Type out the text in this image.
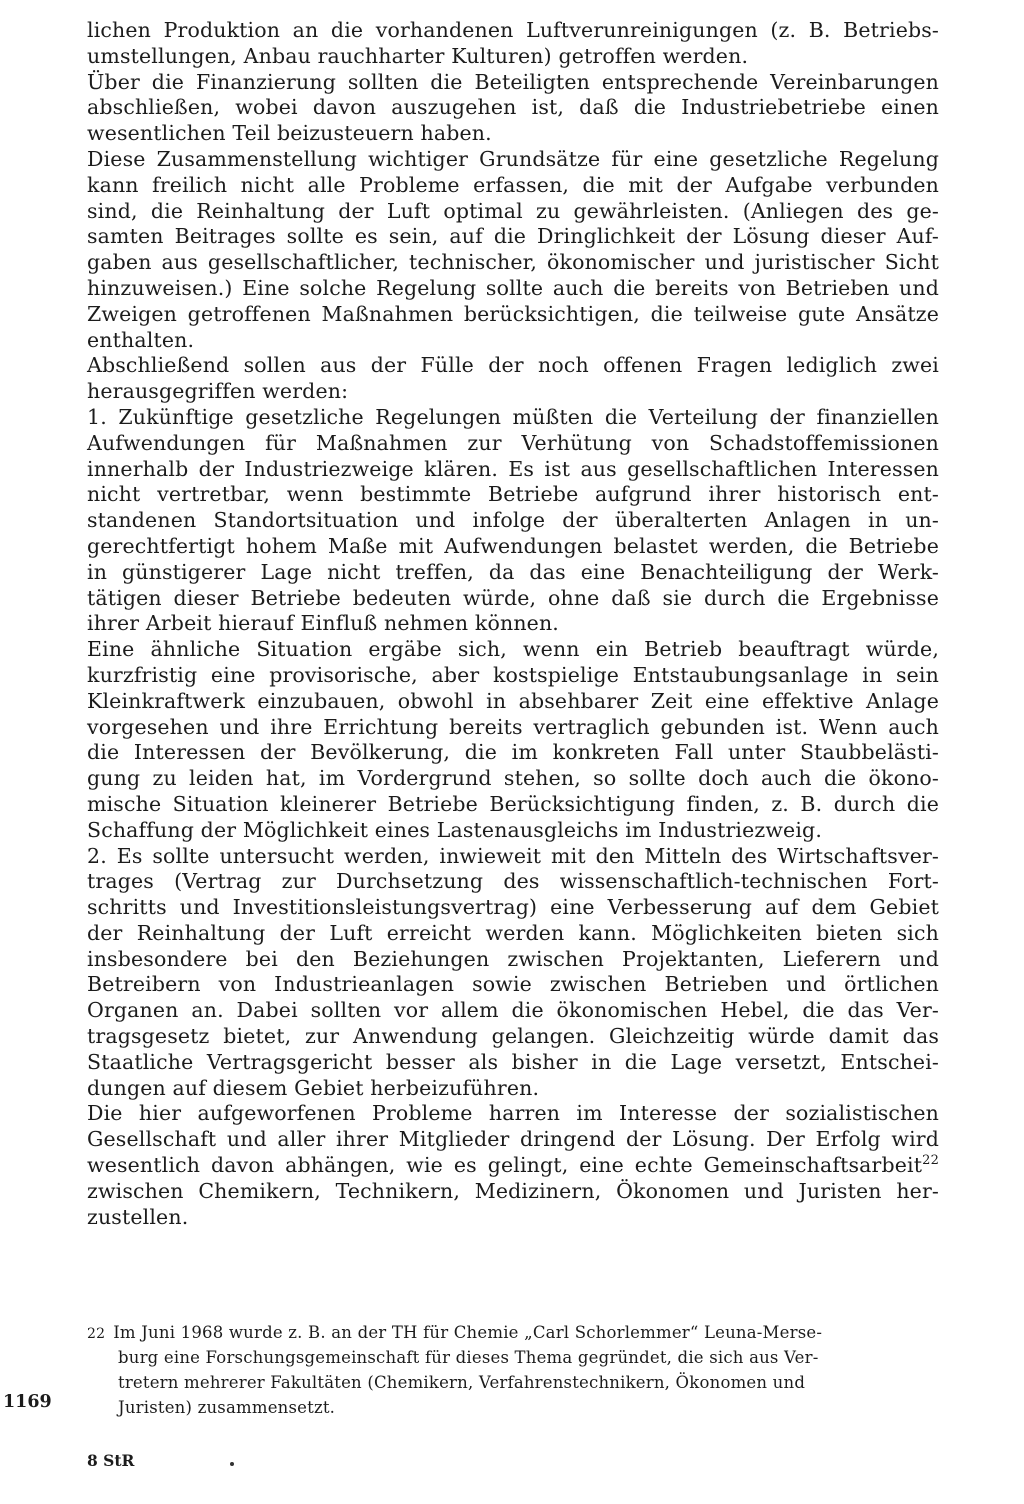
lichen Produktion an die vorhandenen Luftverunreinigungen (z. B. Betriebs-
umstellungen, Anbau rauchharter Kulturen) getroffen werden.
Über die Finanzierung sollten die Beteiligten entsprechende Vereinbarungen
abschließen, wobei davon auszugehen ist, daß die Industriebetriebe einen
wesentlichen Teil beizusteuern haben.
Diese Zusammenstellung wichtiger Grundsätze für eine gesetzliche Regelung
kann freilich nicht alle Probleme erfassen, die mit der Aufgabe verbunden
sind, die Reinhaltung der Luft optimal zu gewährleisten. (Anliegen des ge-
samten Beitrages sollte es sein, auf die Dringlichkeit der Lösung dieser Auf-
gaben aus gesellschaftlicher, technischer, ökonomischer und juristischer Sicht
hinzuweisen.) Eine solche Regelung sollte auch die bereits von Betrieben und
Zweigen getroffenen Maßnahmen berücksichtigen, die teilweise gute Ansätze
enthalten.
Abschließend sollen aus der Fülle der noch offenen Fragen lediglich zwei
herausgegriffen werden:
1. Zukünftige gesetzliche Regelungen müßten die Verteilung der finanziellen
Aufwendungen für Maßnahmen zur Verhütung von Schadstoffemissionen
innerhalb der Industriezweige klären. Es ist aus gesellschaftlichen Interessen
nicht vertretbar, wenn bestimmte Betriebe aufgrund ihrer historisch ent-
standenen Standortsituation und infolge der überalterten Anlagen in un-
gerechtfertigt hohem Maße mit Aufwendungen belastet werden, die Betriebe
in günstigerer Lage nicht treffen, da das eine Benachteiligung der Werk-
tätigen dieser Betriebe bedeuten würde, ohne daß sie durch die Ergebnisse
ihrer Arbeit hierauf Einfluß nehmen können.
Eine ähnliche Situation ergäbe sich, wenn ein Betrieb beauftragt würde,
kurzfristig eine provisorische, aber kostspielige Entstaubungsanlage in sein
Kleinkraftwerk einzubauen, obwohl in absehbarer Zeit eine effektive Anlage
vorgesehen und ihre Errichtung bereits vertraglich gebunden ist. Wenn auch
die Interessen der Bevölkerung, die im konkreten Fall unter Staubbelästi-
gung zu leiden hat, im Vordergrund stehen, so sollte doch auch die ökono-
mische Situation kleinerer Betriebe Berücksichtigung finden, z. B. durch die
Schaffung der Möglichkeit eines Lastenausgleichs im Industriezweig.
2. Es sollte untersucht werden, inwieweit mit den Mitteln des Wirtschaftsver-
trages (Vertrag zur Durchsetzung des wissenschaftlich-technischen Fort-
schritts und Investitionsleistungsvertrag) eine Verbesserung auf dem Gebiet
der Reinhaltung der Luft erreicht werden kann. Möglichkeiten bieten sich
insbesondere bei den Beziehungen zwischen Projektanten, Lieferern und
Betreibern von Industrieanlagen sowie zwischen Betrieben und örtlichen
Organen an. Dabei sollten vor allem die ökonomischen Hebel, die das Ver-
tragsgesetz bietet, zur Anwendung gelangen. Gleichzeitig würde damit das
Staatliche Vertragsgericht besser als bisher in die Lage versetzt, Entschei-
dungen auf diesem Gebiet herbeizuführen.
Die hier aufgeworfenen Probleme harren im Interesse der sozialistischen
Gesellschaft und aller ihrer Mitglieder dringend der Lösung. Der Erfolg wird
wesentlich davon abhängen, wie es gelingt, eine echte Gemeinschaftsarbeit$^{22}$
zwischen Chemikern, Technikern, Medizinern, Ökonomen und Juristen her-
zustellen.
22 Im Juni 1968 wurde z. B. an der TH für Chemie „Carl Schorlemmer“ Leuna-Merse-
burg eine Forschungsgemeinschaft für dieses Thema gegründet, die sich aus Ver-
tretern mehrerer Fakultäten (Chemikern, Verfahrenstechnikern, Ökonomen und
Juristen) zusammensetzt.
1169
8 StR
